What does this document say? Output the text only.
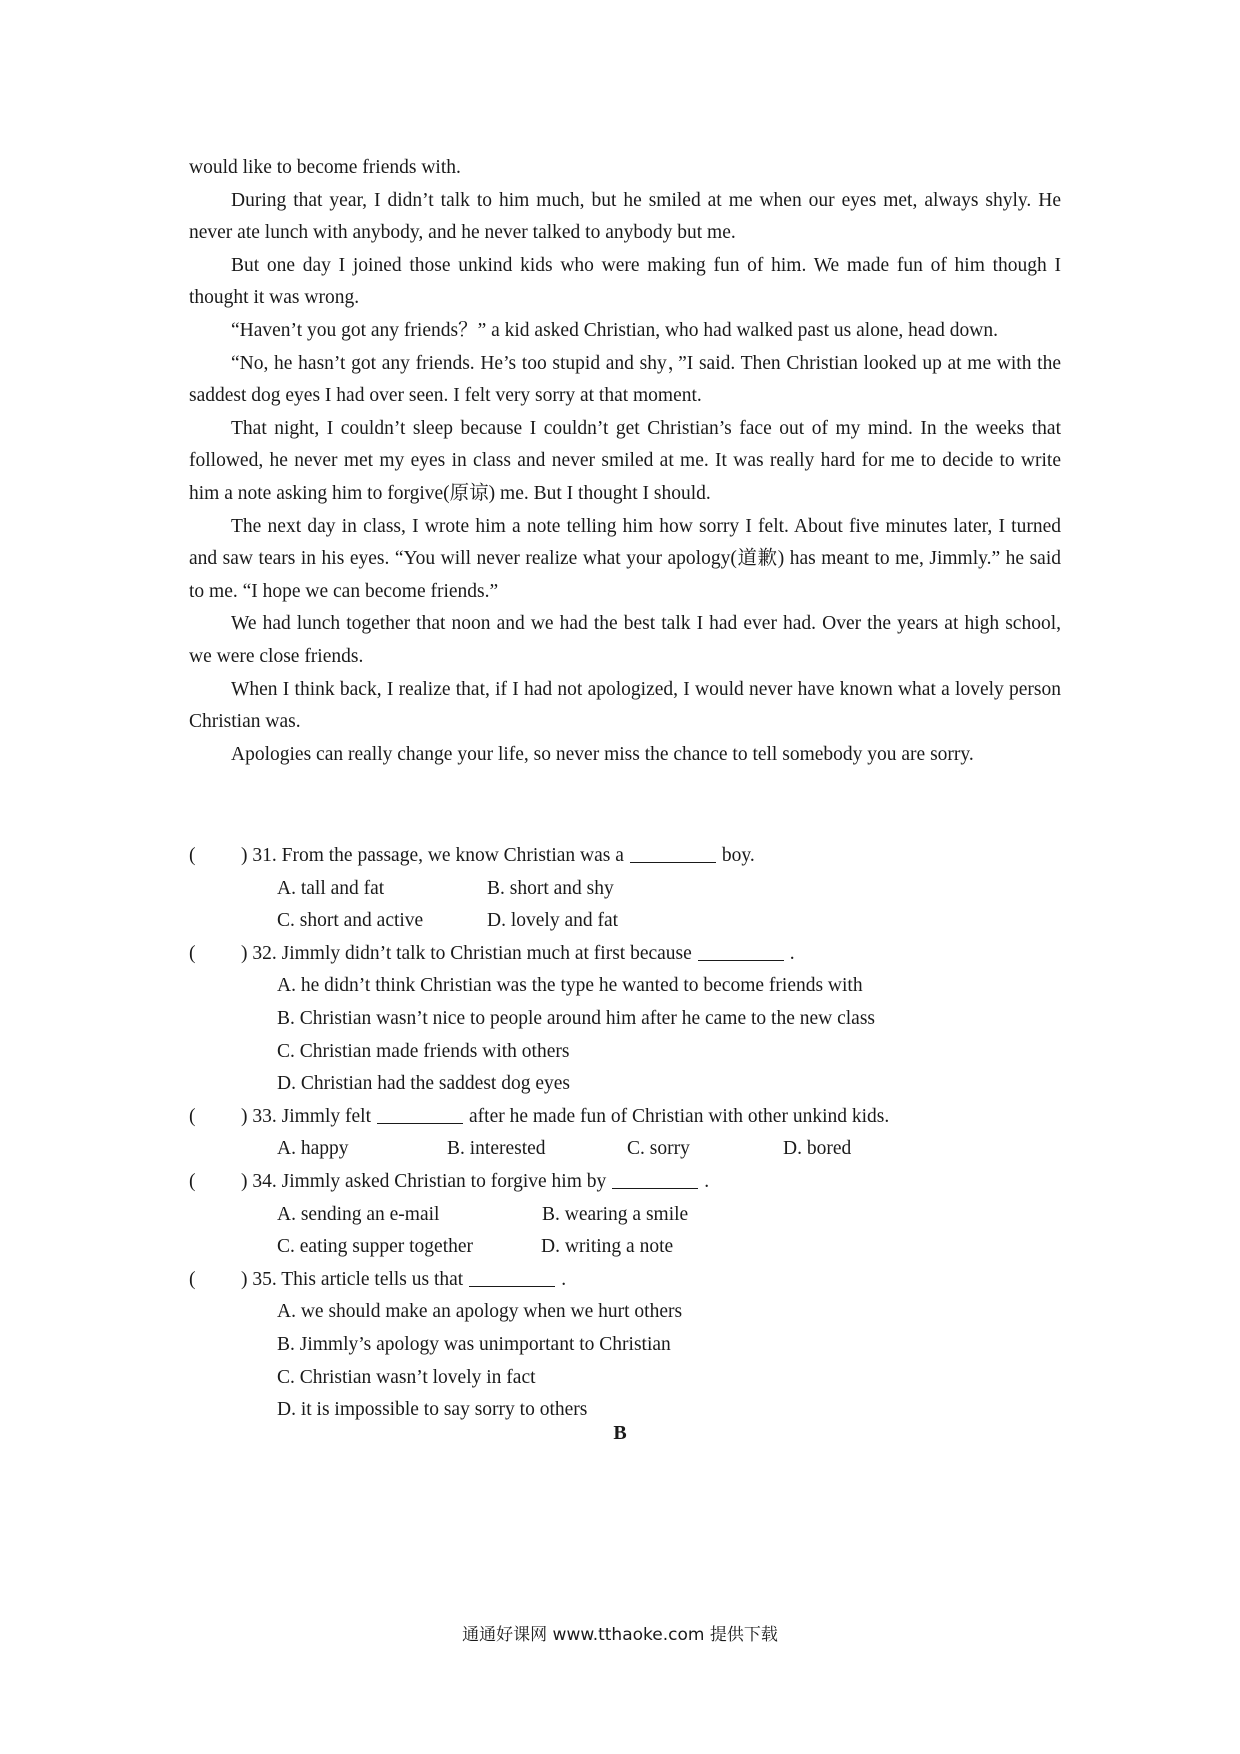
would like to become friends with.

During that year, I didn’t talk to him much, but he smiled at me when our eyes met, always shyly. He never ate lunch with anybody, and he never talked to anybody but me.

But one day I joined those unkind kids who were making fun of him. We made fun of him though I thought it was wrong.

“Haven’t you got any friends？” a kid asked Christian, who had walked past us alone, head down.

“No, he hasn’t got any friends. He’s too stupid and shy，”I said. Then Christian looked up at me with the saddest dog eyes I had over seen. I felt very sorry at that moment.

That night, I couldn’t sleep because I couldn’t get Christian’s face out of my mind. In the weeks that followed, he never met my eyes in class and never smiled at me. It was really hard for me to decide to write him a note asking him to forgive(原谅) me. But I thought I should.

The next day in class, I wrote him a note telling him how sorry I felt. About five minutes later, I turned and saw tears in his eyes. “You will never realize what your apology(道歉) has meant to me, Jimmly.” he said to me. “I hope we can become friends.”

We had lunch together that noon and we had the best talk I had ever had. Over the years at high school, we were close friends.

When I think back, I realize that, if I had not apologized, I would never have known what a lovely person Christian was.

Apologies can really change your life, so never miss the chance to tell somebody you are sorry.

(	)
31. From the passage, we know Christian was a	boy.
A. tall and fat	B. short and shy
C. short and active	D. lovely and fat
(	)
32. Jimmly didn’t talk to Christian much at first because	.
A. he didn’t think Christian was the type he wanted to become friends with
B. Christian wasn’t nice to people around him after he came to the new class
C. Christian made friends with others
D. Christian had the saddest dog eyes
(	)
33. Jimmly felt	after he made fun of Christian with other unkind kids.
A. happy	B. interested	C. sorry	D. bored
(	)
34. Jimmly asked Christian to forgive him by	.
A. sending an e-mail	B. wearing a smile
C. eating supper together	D. writing a note
(	)
35. This article tells us that	.
A. we should make an apology when we hurt others
B. Jimmly’s apology was unimportant to Christian
C. Christian wasn’t lovely in fact
D. it is impossible to say sorry to others
B
通通好课网 www.tthaoke.com 提供下载
